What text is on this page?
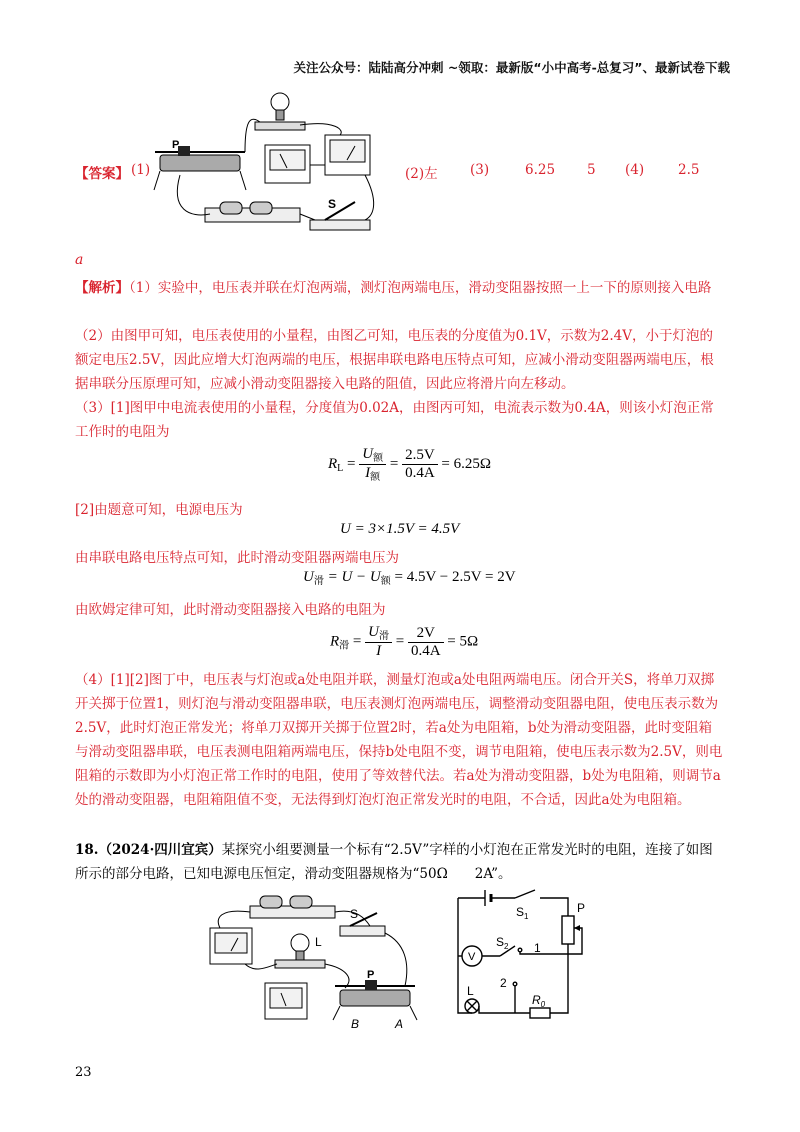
关注公众号：陆陆高分冲刺 ~领取：最新版“小中高考-总复习”、最新试卷下载
【答案】 (1)	(2)左 (3)	6.25 5 (4)	2.5
a
P
S
【解析】（1）实验中，电压表并联在灯泡两端，测灯泡两端电压，滑动变阻器按照一上一下的原则接入电路
（2）由图甲可知，电压表使用的小量程，由图乙可知，电压表的分度值为0.1V，示数为2.4V，小于灯泡的额定电压2.5V，因此应增大灯泡两端的电压，根据串联电路电压特点可知，应减小滑动变阻器两端电压，根据串联分压原理可知，应减小滑动变阻器接入电路的阻值，因此应将滑片向左移动。
（3）[1]图甲中电流表使用的小量程，分度值为0.02A，由图丙可知，电流表示数为0.4A，则该小灯泡正常工作时的电阻为
$R_L = \frac{U_额}{I_额} = \frac{2.5V}{0.4A} = 6.25\Omega$
[2]由题意可知，电源电压为
U = 3×1.5V = 4.5V
由串联电路电压特点可知，此时滑动变阻器两端电压为
$U_滑 = U - U_额 = 4.5V - 2.5V = 2V$
由欧姆定律可知，此时滑动变阻器接入电路的电阻为
$R_滑 = \frac{U_滑}{I} = \frac{2V}{0.4A} = 5\Omega$
（4）[1][2]图丁中，电压表与灯泡或a处电阻并联，测量灯泡或a处电阻两端电压。闭合开关S，将单刀双掷开关掷于位置1，则灯泡与滑动变阻器串联，电压表测灯泡两端电压，调整滑动变阻器电阻，使电压表示数为2.5V，此时灯泡正常发光；将单刀双掷开关掷于位置2时，若a处为电阻箱，b处为滑动变阻器，此时变阻箱与滑动变阻器串联，电压表测电阻箱两端电压，保持b处电阻不变，调节电阻箱，使电压表示数为2.5V，则电阻箱的示数即为小灯泡正常工作时的电阻，使用了等效替代法。若a处为滑动变阻器，b处为电阻箱，则调节a处的滑动变阻器，电阻箱阻值不变，无法得到灯泡灯泡正常发光时的电阻，不合适，因此a处为电阻箱。
18.（2024·四川宜宾）某探究小组要测量一个标有“2.5V”字样的小灯泡在正常发光时的电阻，连接了如图所示的部分电路，已知电源电压恒定，滑动变阻器规格为“50Ω　　2A”。
L
S
P
B	A
V
$S_1$
P
$S_2$ 1
2
L
$R_0$
23
